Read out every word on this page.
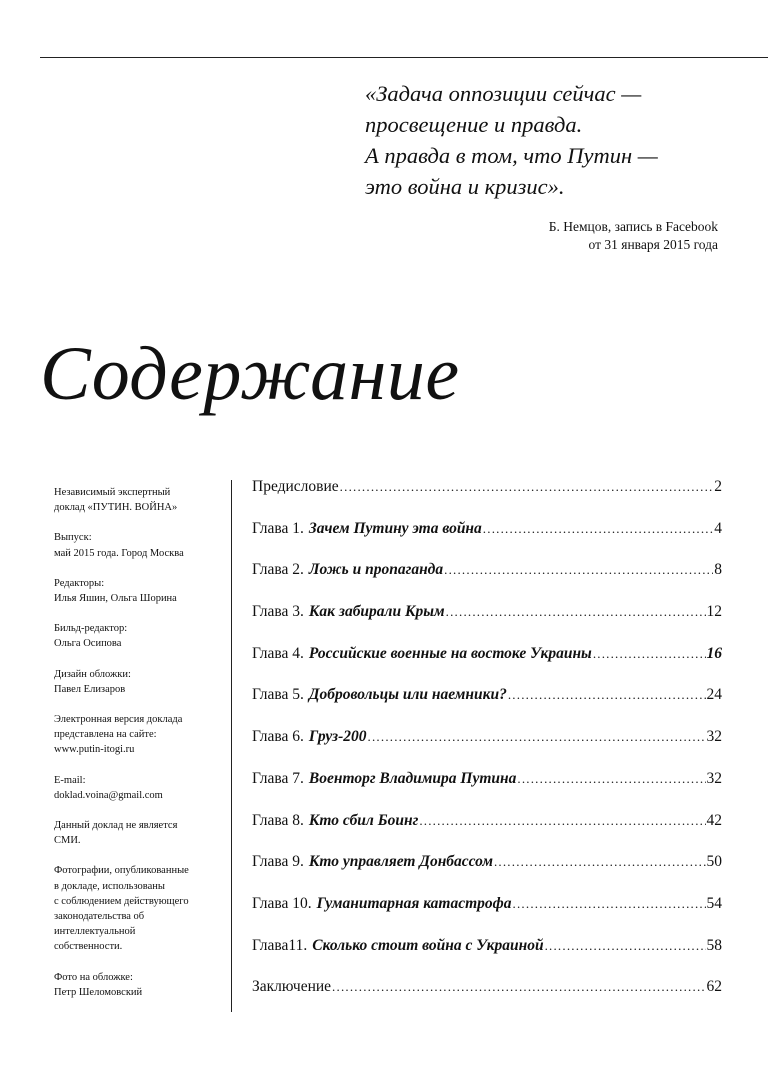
«Задача оппозиции сейчас —
просвещение и правда.
А правда в том, что Путин —
это война и кризис».
Б. Немцов, запись в Facebook
от 31 января 2015 года
Содержание
Независимый экспертный
доклад «ПУТИН. ВОЙНА»
Выпуск:
май 2015 года. Город Москва
Редакторы:
Илья Яшин, Ольга Шорина
Бильд-редактор:
Ольга Осипова
Дизайн обложки:
Павел Елизаров
Электронная версия доклада
представлена на сайте:
www.putin-itogi.ru
E-mail:
doklad.voina@gmail.com
Данный доклад не является
СМИ.
Фотографии, опубликованные
в докладе, использованы
с соблюдением действующего
законодательства об
интеллектуальной
собственности.
Фото на обложке:
Петр Шеломовский
Предисловие .....	2
Глава 1. Зачем Путину эта война .....	4
Глава 2. Ложь и пропаганда .....	8
Глава 3. Как забирали Крым .....	12
Глава 4. Российские военные на востоке Украины .....	16
Глава 5. Добровольцы или наемники? .....	24
Глава 6. Груз-200 .....	32
Глава 7. Военторг Владимира Путина .....	32
Глава 8. Кто сбил Боинг .....	42
Глава 9. Кто управляет Донбассом .....	50
Глава 10. Гуманитарная катастрофа .....	54
Глава11. Сколько стоит война с Украиной .....	58
Заключение .....	62
